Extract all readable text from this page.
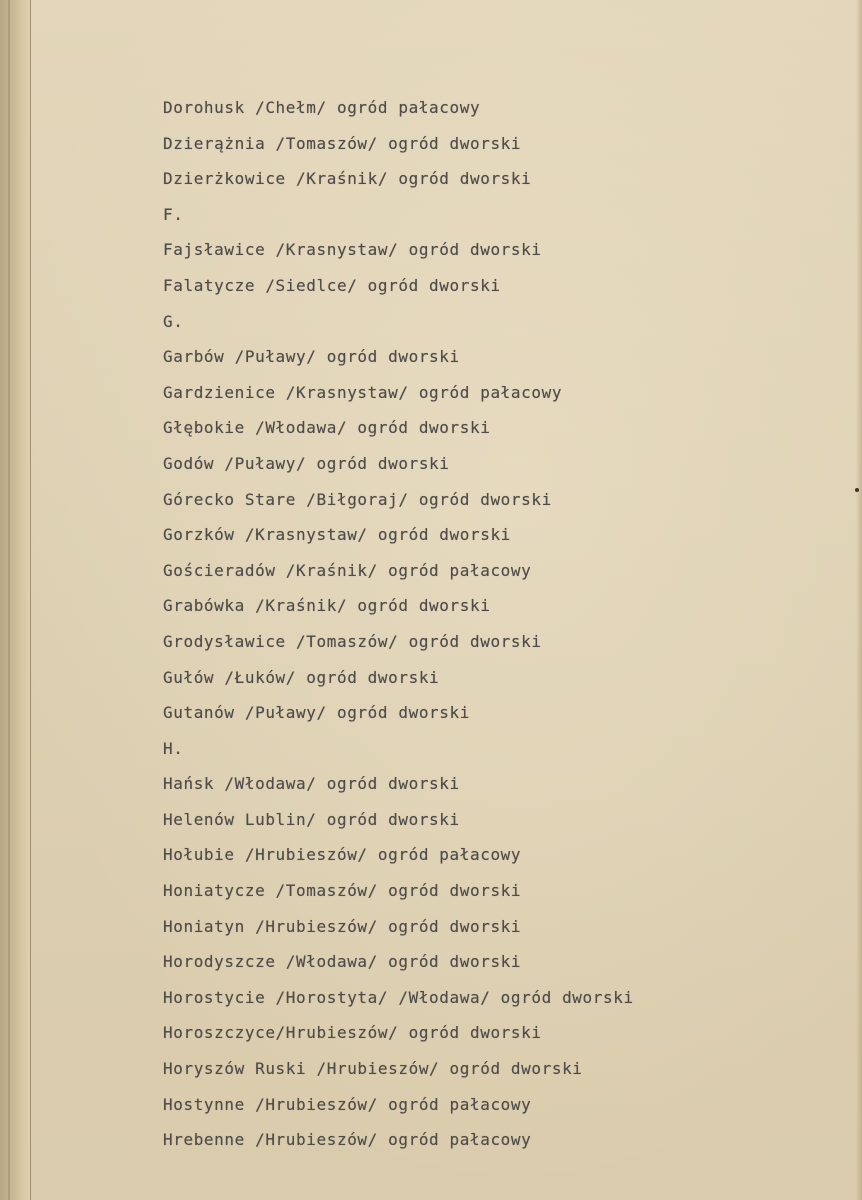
Dorohusk /Chełm/ ogród pałacowy
Dzierążnia /Tomaszów/ ogród dworski
Dzierżkowice /Kraśnik/ ogród dworski
F.
Fajsławice /Krasnystaw/ ogród dworski
Falatycze /Siedlce/ ogród dworski
G.
Garbów /Puławy/ ogród dworski
Gardzienice /Krasnystaw/ ogród pałacowy
Głębokie /Włodawa/ ogród dworski
Godów /Puławy/ ogród dworski
Górecko Stare /Biłgoraj/ ogród dworski
Gorzków /Krasnystaw/ ogród dworski
Gościeradów /Kraśnik/ ogród pałacowy
Grabówka /Kraśnik/ ogród dworski
Grodysławice /Tomaszów/ ogród dworski
Gułów /Łuków/ ogród dworski
Gutanów /Puławy/ ogród dworski
H.
Hańsk /Włodawa/ ogród dworski
Helenów Lublin/ ogród dworski
Hołubie /Hrubieszów/ ogród pałacowy
Honiatycze /Tomaszów/ ogród dworski
Honiatyn /Hrubieszów/ ogród dworski
Horodyszcze /Włodawa/ ogród dworski
Horostycie /Horostyta/ /Włodawa/ ogród dworski
Horoszczyce/Hrubieszów/ ogród dworski
Horyszów Ruski /Hrubieszów/ ogród dworski
Hostynne /Hrubieszów/ ogród pałacowy
Hrebenne /Hrubieszów/ ogród pałacowy
